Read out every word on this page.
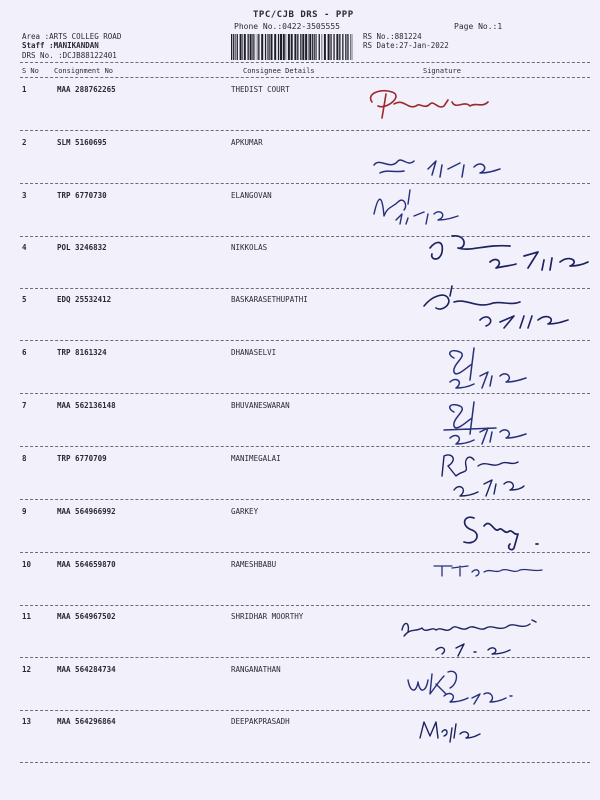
TPC/CJB DRS - PPP
Phone No.:0422-3505555	Page No.:1
Area :ARTS COLLEG ROAD
Staff :MANIKANDAN
DRS No. :DCJB88122401
RS No.:881224
RS Date:27-Jan-2022
S No Consignment No	Consignee Details	Signature
1	MAA 288762265	THEDIST COURT
2	SLM 5160695	APKUMAR
3	TRP 6770730	ELANGOVAN
4	POL 3246832	NIKKOLAS
5	EDQ 25532412	BASKARASETHUPATHI
6	TRP 8161324	DHANASELVI
7	MAA 562136148	BHUVANESWARAN
8	TRP 6770709	MANIMEGALAI
9	MAA 564966992	GARKEY
10	MAA 564659870	RAMESHBABU
11	MAA 564967502	SHRIDHAR MOORTHY
12	MAA 564284734	RANGANATHAN
13	MAA 564296864	DEEPAKPRASADH
